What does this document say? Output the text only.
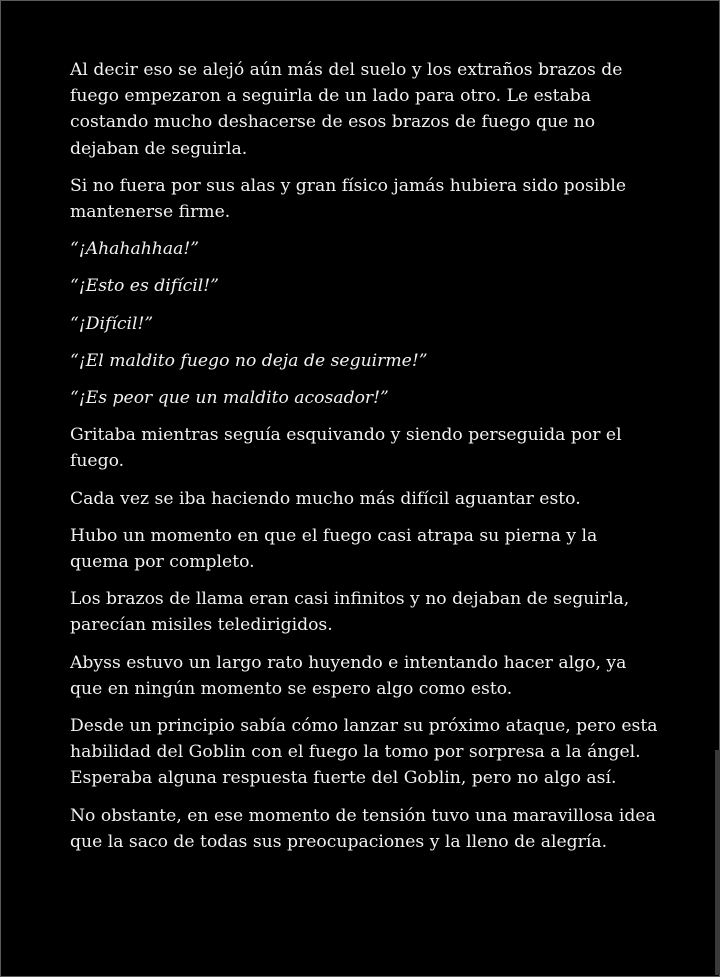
Al decir eso se alejó aún más del suelo y los extraños brazos de fuego empezaron a seguirla de un lado para otro. Le estaba costando mucho deshacerse de esos brazos de fuego que no dejaban de seguirla.

Si no fuera por sus alas y gran físico jamás hubiera sido posible mantenerse firme.

“¡Ahahahhaa!”

“¡Esto es difícil!”

“¡Difícil!”

“¡El maldito fuego no deja de seguirme!”

“¡Es peor que un maldito acosador!”

Gritaba mientras seguía esquivando y siendo perseguida por el fuego.

Cada vez se iba haciendo mucho más difícil aguantar esto.

Hubo un momento en que el fuego casi atrapa su pierna y la quema por completo.

Los brazos de llama eran casi infinitos y no dejaban de seguirla, parecían misiles teledirigidos.

Abyss estuvo un largo rato huyendo e intentando hacer algo, ya que en ningún momento se espero algo como esto.

Desde un principio sabía cómo lanzar su próximo ataque, pero esta habilidad del Goblin con el fuego la tomo por sorpresa a la ángel. Esperaba alguna respuesta fuerte del Goblin, pero no algo así.

No obstante, en ese momento de tensión tuvo una maravillosa idea que la saco de todas sus preocupaciones y la lleno de alegría.
